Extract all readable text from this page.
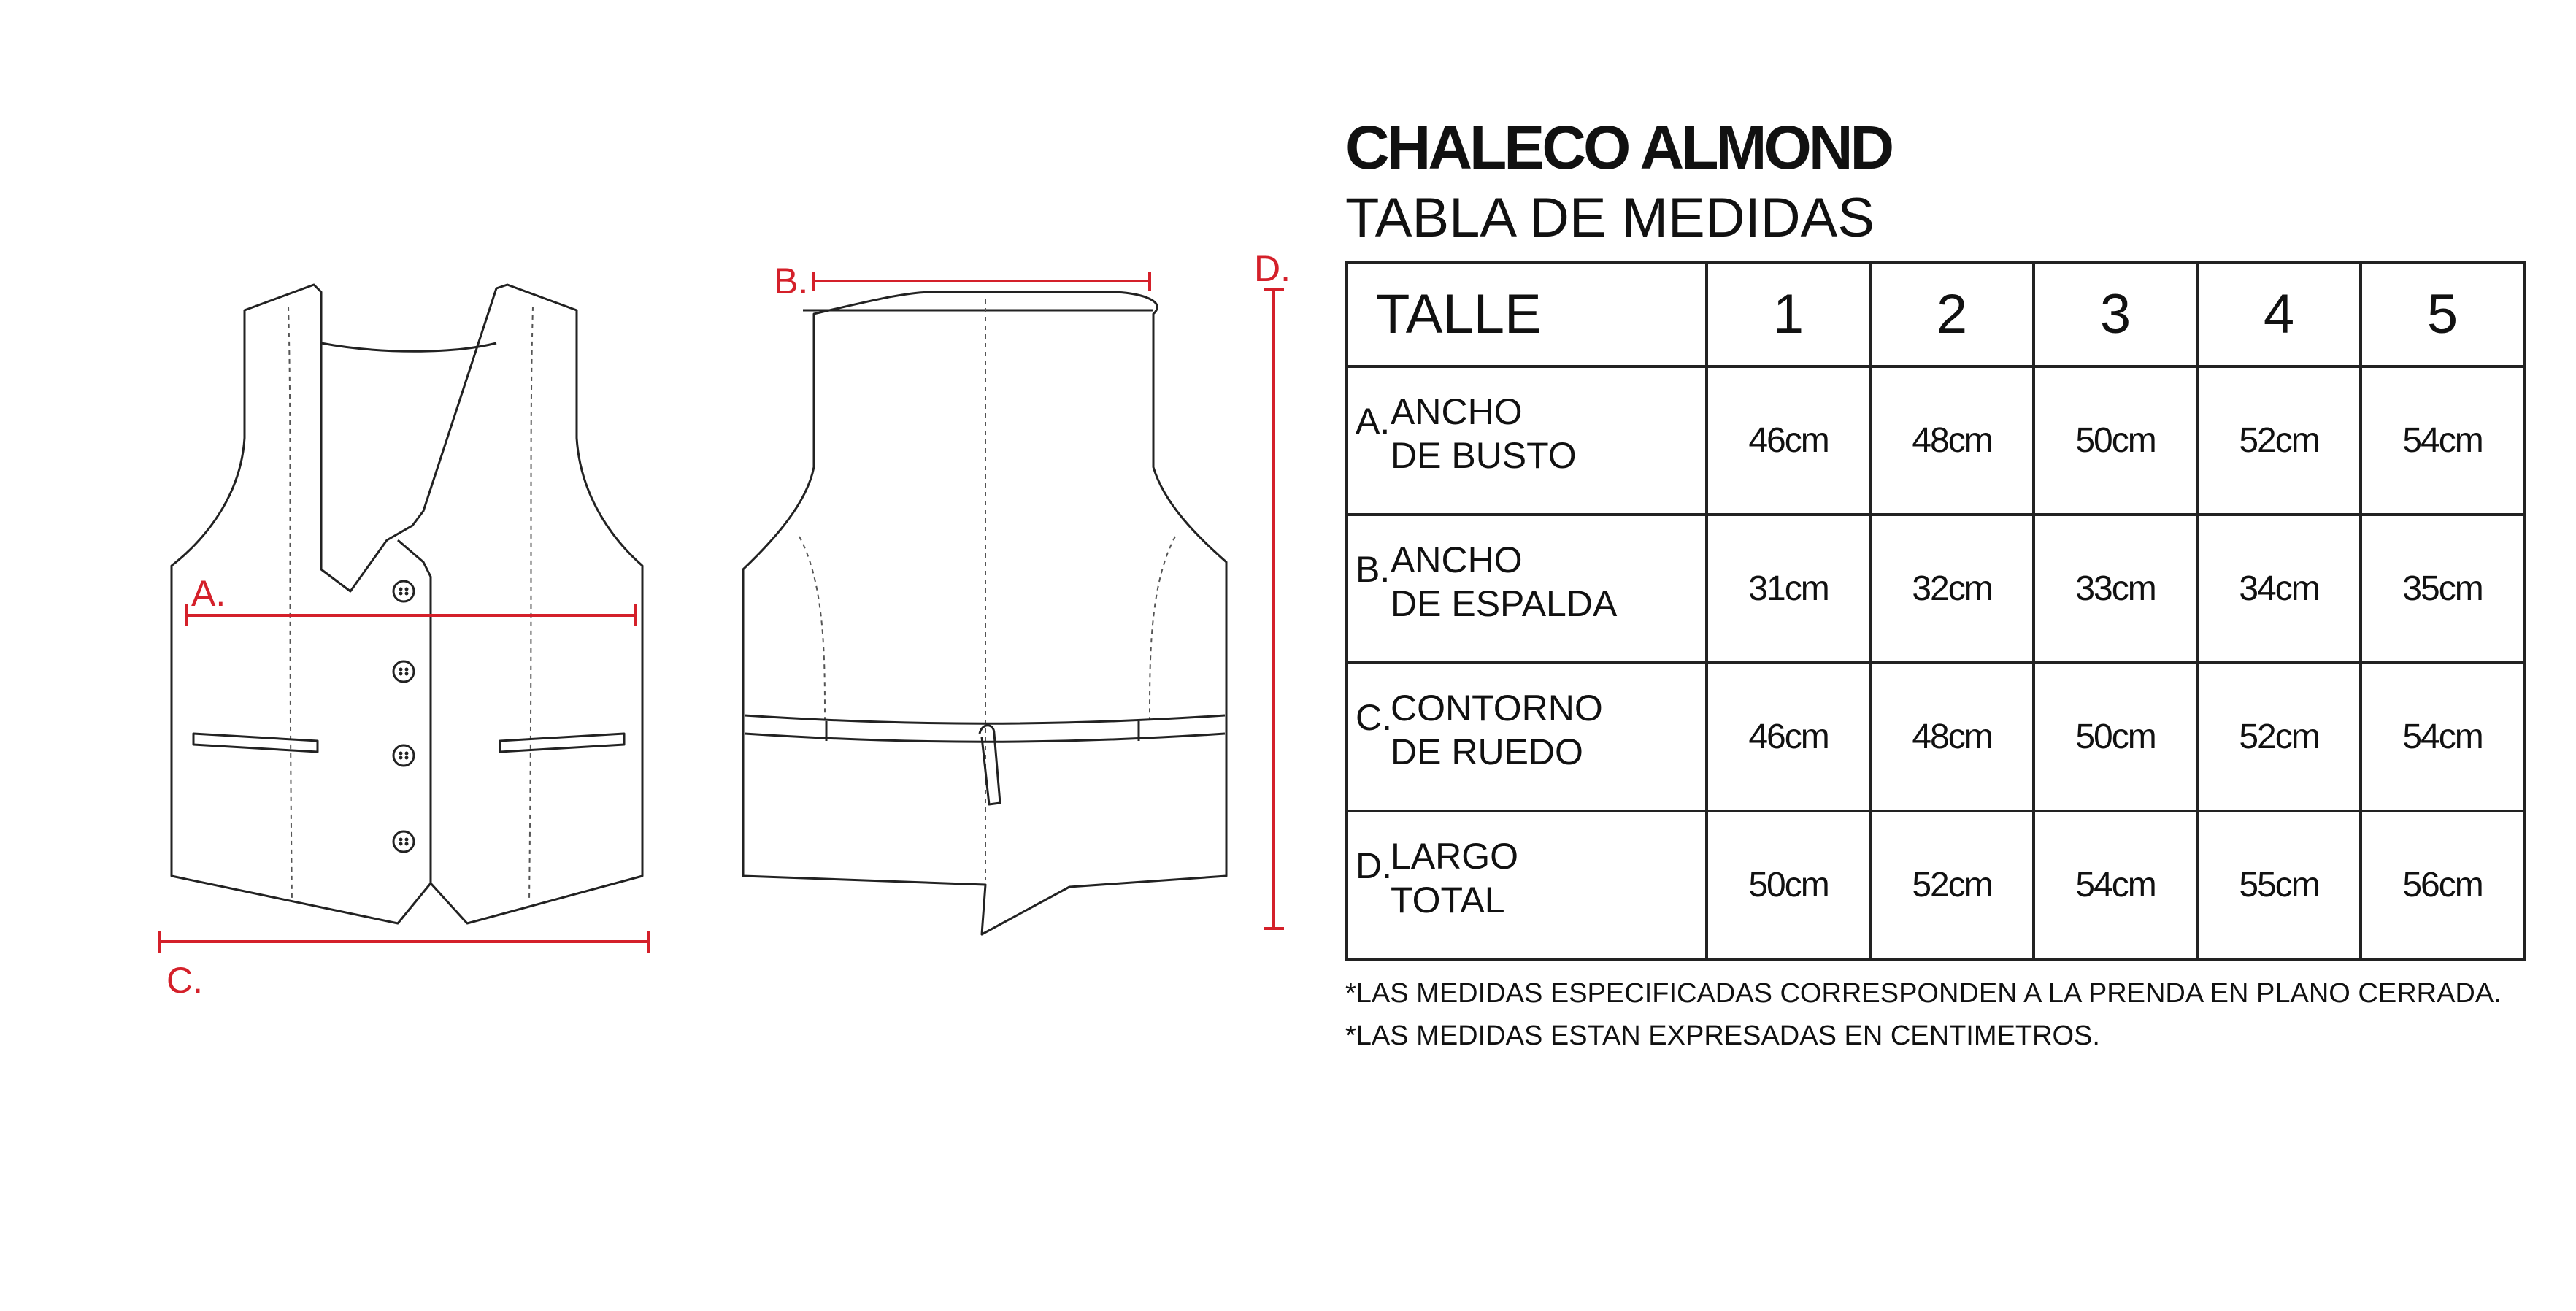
A.
C.
B.	D.
CHALECO ALMOND
TABLA DE MEDIDAS
TALLE	1	2	3	4	5

A. ANCHO
DE BUSTO	46cm	48cm	50cm	52cm	54cm

B. ANCHO
DE ESPALDA	31cm	32cm	33cm	34cm	35cm

C.
CONTORNO
DE RUEDO	46cm	48cm	50cm	52cm	54cm

D.
LARGO
TOTAL	50cm	52cm	54cm	55cm	56cm
*LAS MEDIDAS ESPECIFICADAS CORRESPONDEN A LA PRENDA EN PLANO CERRADA.
*LAS MEDIDAS ESTAN EXPRESADAS EN CENTIMETROS.
